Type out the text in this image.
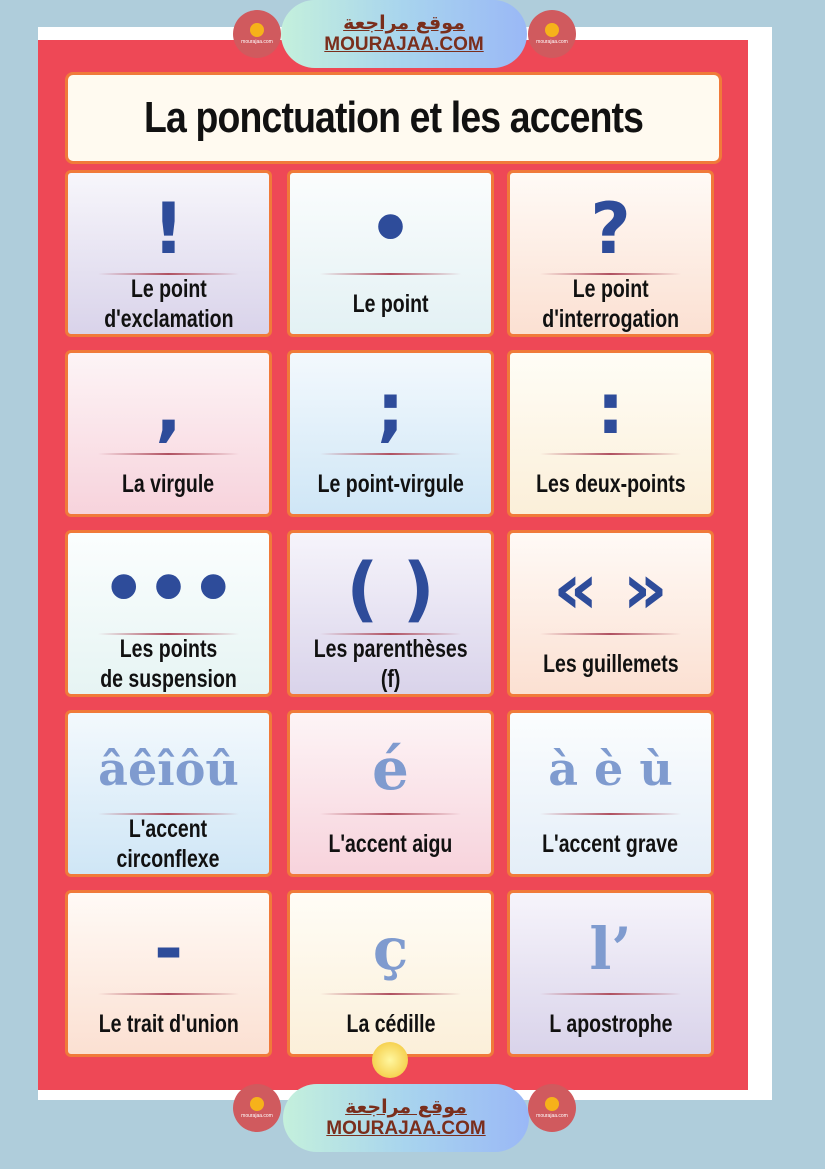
La ponctuation et les accents
!
Le point
d'exclamation
•
Le point
?
Le point
d'interrogation
,
La virgule
;
Le point-virgule
:
Les deux-points
•••
Les points
de suspension
( )
Les parenthèses
(f)
« »
Les guillemets
âêîôû
L'accent
circonflexe
é
L'accent aigu
à è ù
L'accent grave
-
Le trait d'union
ç
La cédille
l’
L apostrophe
mourajaa.com
موقع مراجعة
MOURAJAA.COM	mourajaa.com
mourajaa.com	موقع مراجعة
MOURAJAA.COM
mourajaa.com
